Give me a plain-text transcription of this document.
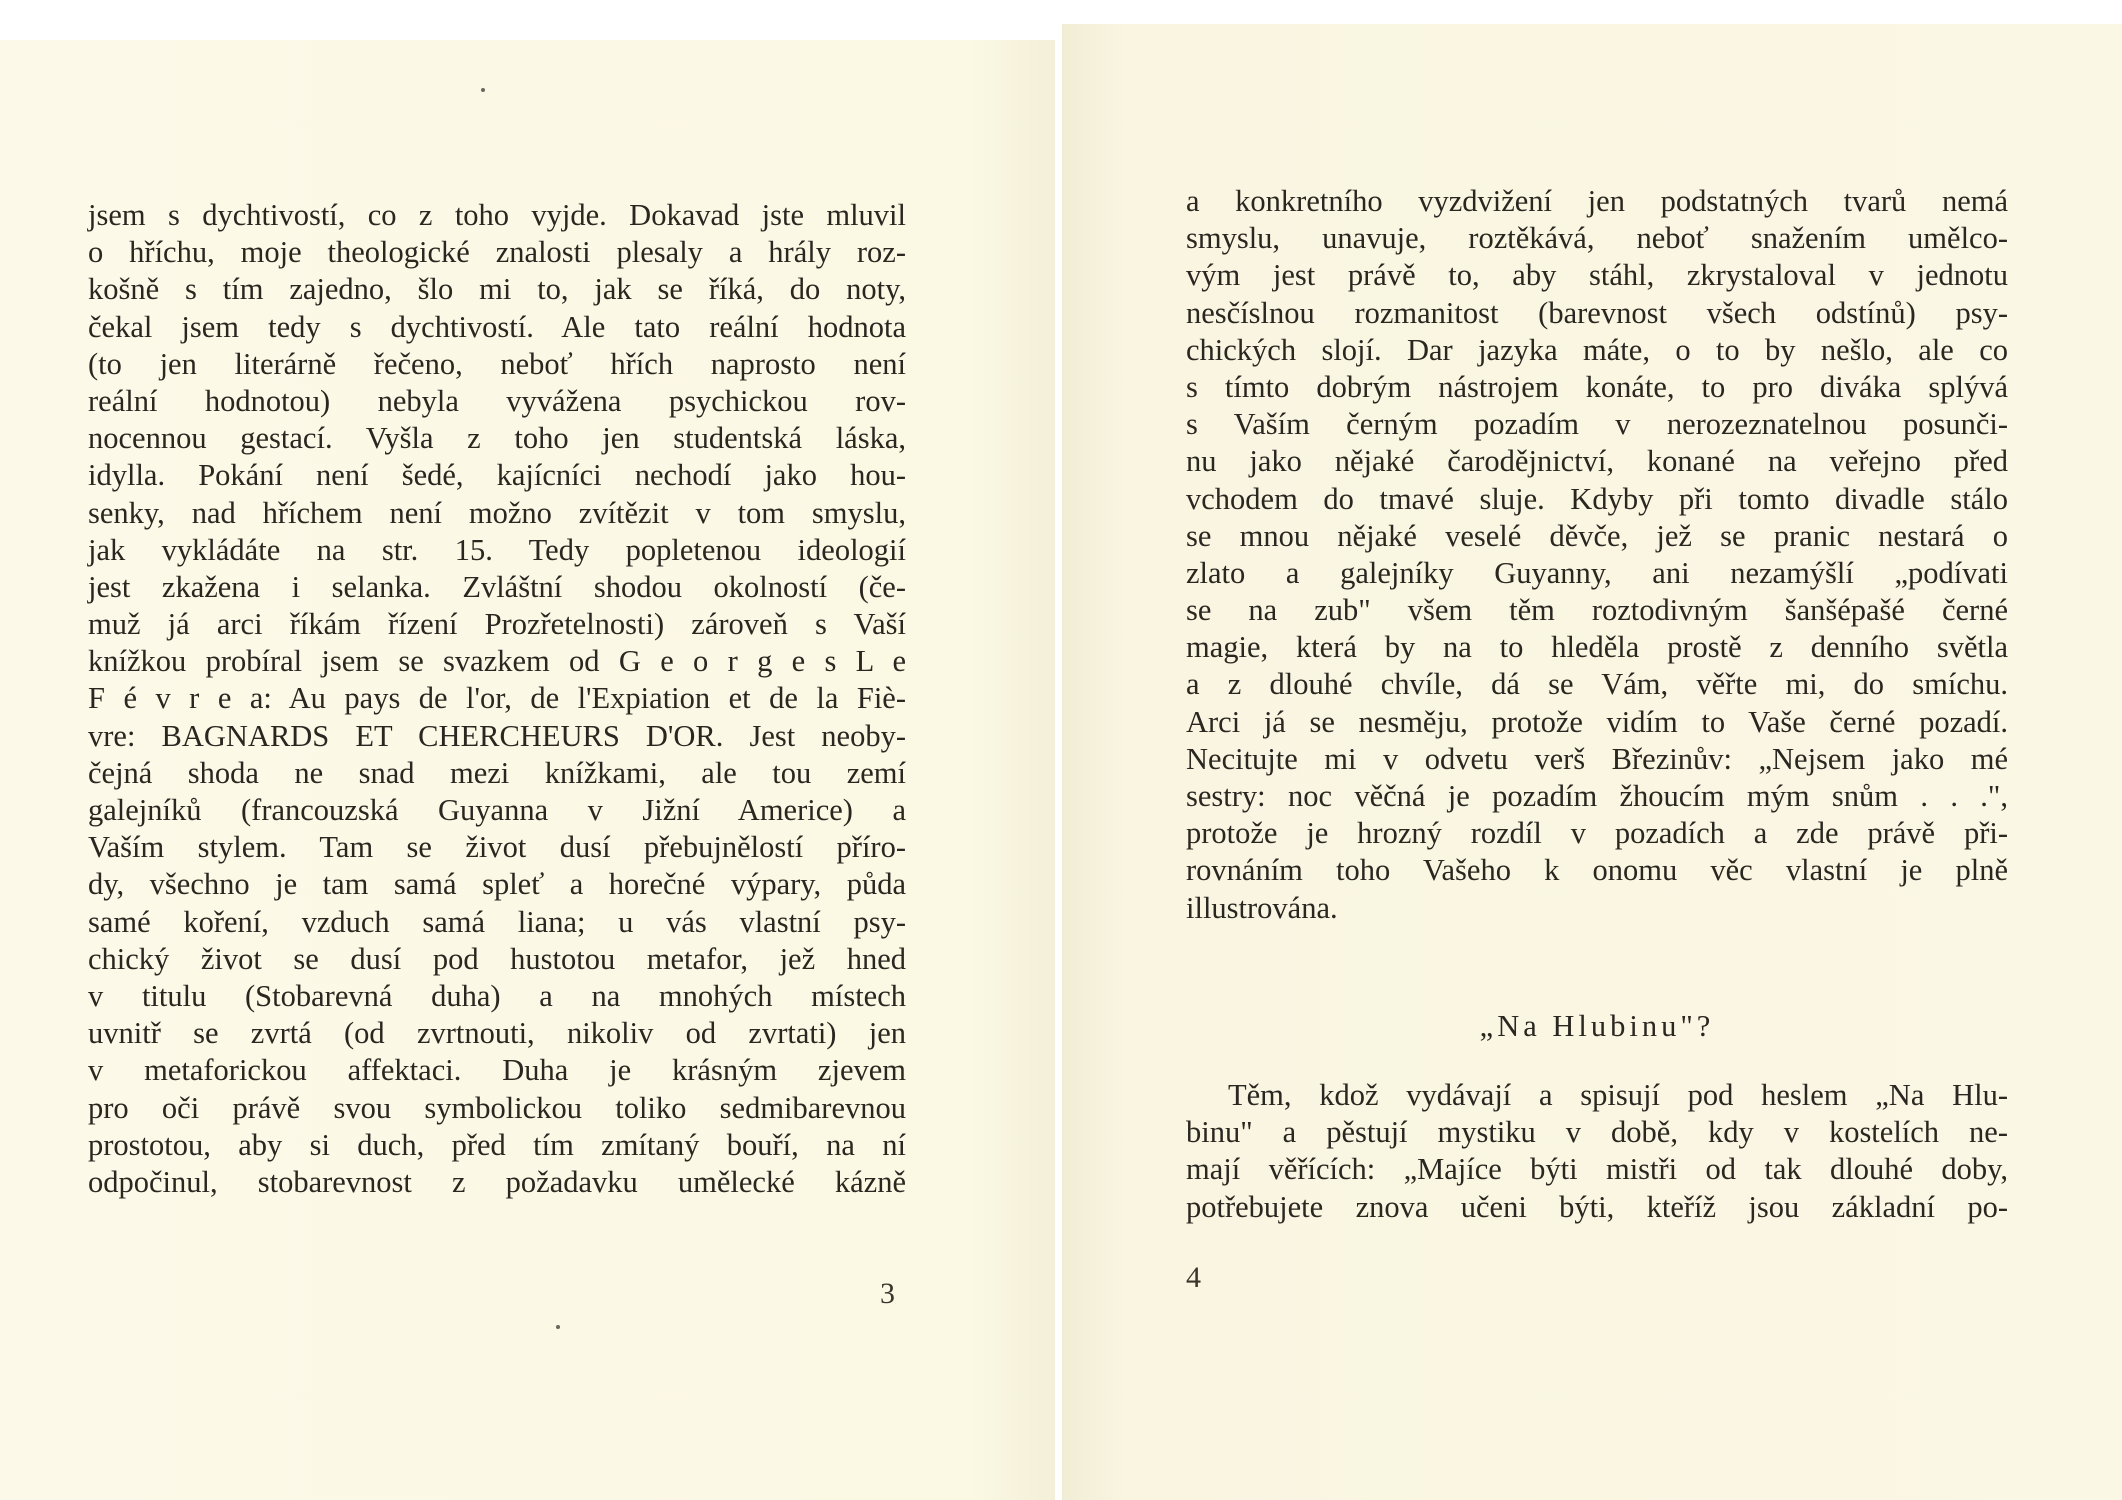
jsem s dychtivostí, co z toho vyjde. Dokavad jste mluvil
o hříchu, moje theologické znalosti plesaly a hrály roz-
košně s tím zajedno, šlo mi to, jak se říká, do noty,
čekal jsem tedy s dychtivostí. Ale tato reální hodnota
(to jen literárně řečeno, neboť hřích naprosto není
reální hodnotou) nebyla vyvážena psychickou rov-
nocennou gestací. Vyšla z toho jen studentská láska,
idylla. Pokání není šedé, kajícníci nechodí jako hou-
senky, nad hříchem není možno zvítězit v tom smyslu,
jak vykládáte na str. 15. Tedy popletenou ideologií
jest zkažena i selanka. Zvláštní shodou okolností (če-
muž já arci říkám řízení Prozřetelnosti) zároveň s Vaší
knížkou probíral jsem se svazkem od G e o r g e s L e
F é v r e a: Au pays de l'or, de l'Expiation et de la Fiè-
vre: BAGNARDS ET CHERCHEURS D'OR. Jest neoby-
čejná shoda ne snad mezi knížkami, ale tou zemí
galejníků (francouzská Guyanna v Jižní Americe) a
Vaším stylem. Tam se život dusí přebujnělostí příro-
dy, všechno je tam samá spleť a horečné výpary, půda
samé koření, vzduch samá liana; u vás vlastní psy-
chický život se dusí pod hustotou metafor, jež hned
v titulu (Stobarevná duha) a na mnohých místech
uvnitř se zvrtá (od zvrtnouti, nikoliv od zvrtati) jen
v metaforickou affektaci. Duha je krásným zjevem
pro oči právě svou symbolickou toliko sedmibarevnou
prostotou, aby si duch, před tím zmítaný bouří, na ní
odpočinul, stobarevnost z požadavku umělecké kázně
3
a konkretního vyzdvižení jen podstatných tvarů nemá
smyslu, unavuje, roztěkává, neboť snažením umělco-
vým jest právě to, aby stáhl, zkrystaloval v jednotu
nesčíslnou rozmanitost (barevnost všech odstínů) psy-
chických slojí. Dar jazyka máte, o to by nešlo, ale co
s tímto dobrým nástrojem konáte, to pro diváka splývá
s Vaším černým pozadím v nerozeznatelnou posunči-
nu jako nějaké čarodějnictví, konané na veřejno před
vchodem do tmavé sluje. Kdyby při tomto divadle stálo
se mnou nějaké veselé děvče, jež se pranic nestará o
zlato a galejníky Guyanny, ani nezamýšlí „podívati
se na zub" všem těm roztodivným šanšépašé černé
magie, která by na to hleděla prostě z denního světla
a z dlouhé chvíle, dá se Vám, věřte mi, do smíchu.
Arci já se nesměju, protože vidím to Vaše černé pozadí.
Necitujte mi v odvetu verš Březinův: „Nejsem jako mé
sestry: noc věčná je pozadím žhoucím mým snům . . .",
protože je hrozný rozdíl v pozadích a zde právě při-
rovnáním toho Vašeho k onomu věc vlastní je plně
illustrována.
„Na Hlubinu"?
Těm, kdož vydávají a spisují pod heslem „Na Hlu-
binu" a pěstují mystiku v době, kdy v kostelích ne-
mají věřících: „Majíce býti mistři od tak dlouhé doby,
potřebujete znova učeni býti, kteříž jsou základní po-
4
